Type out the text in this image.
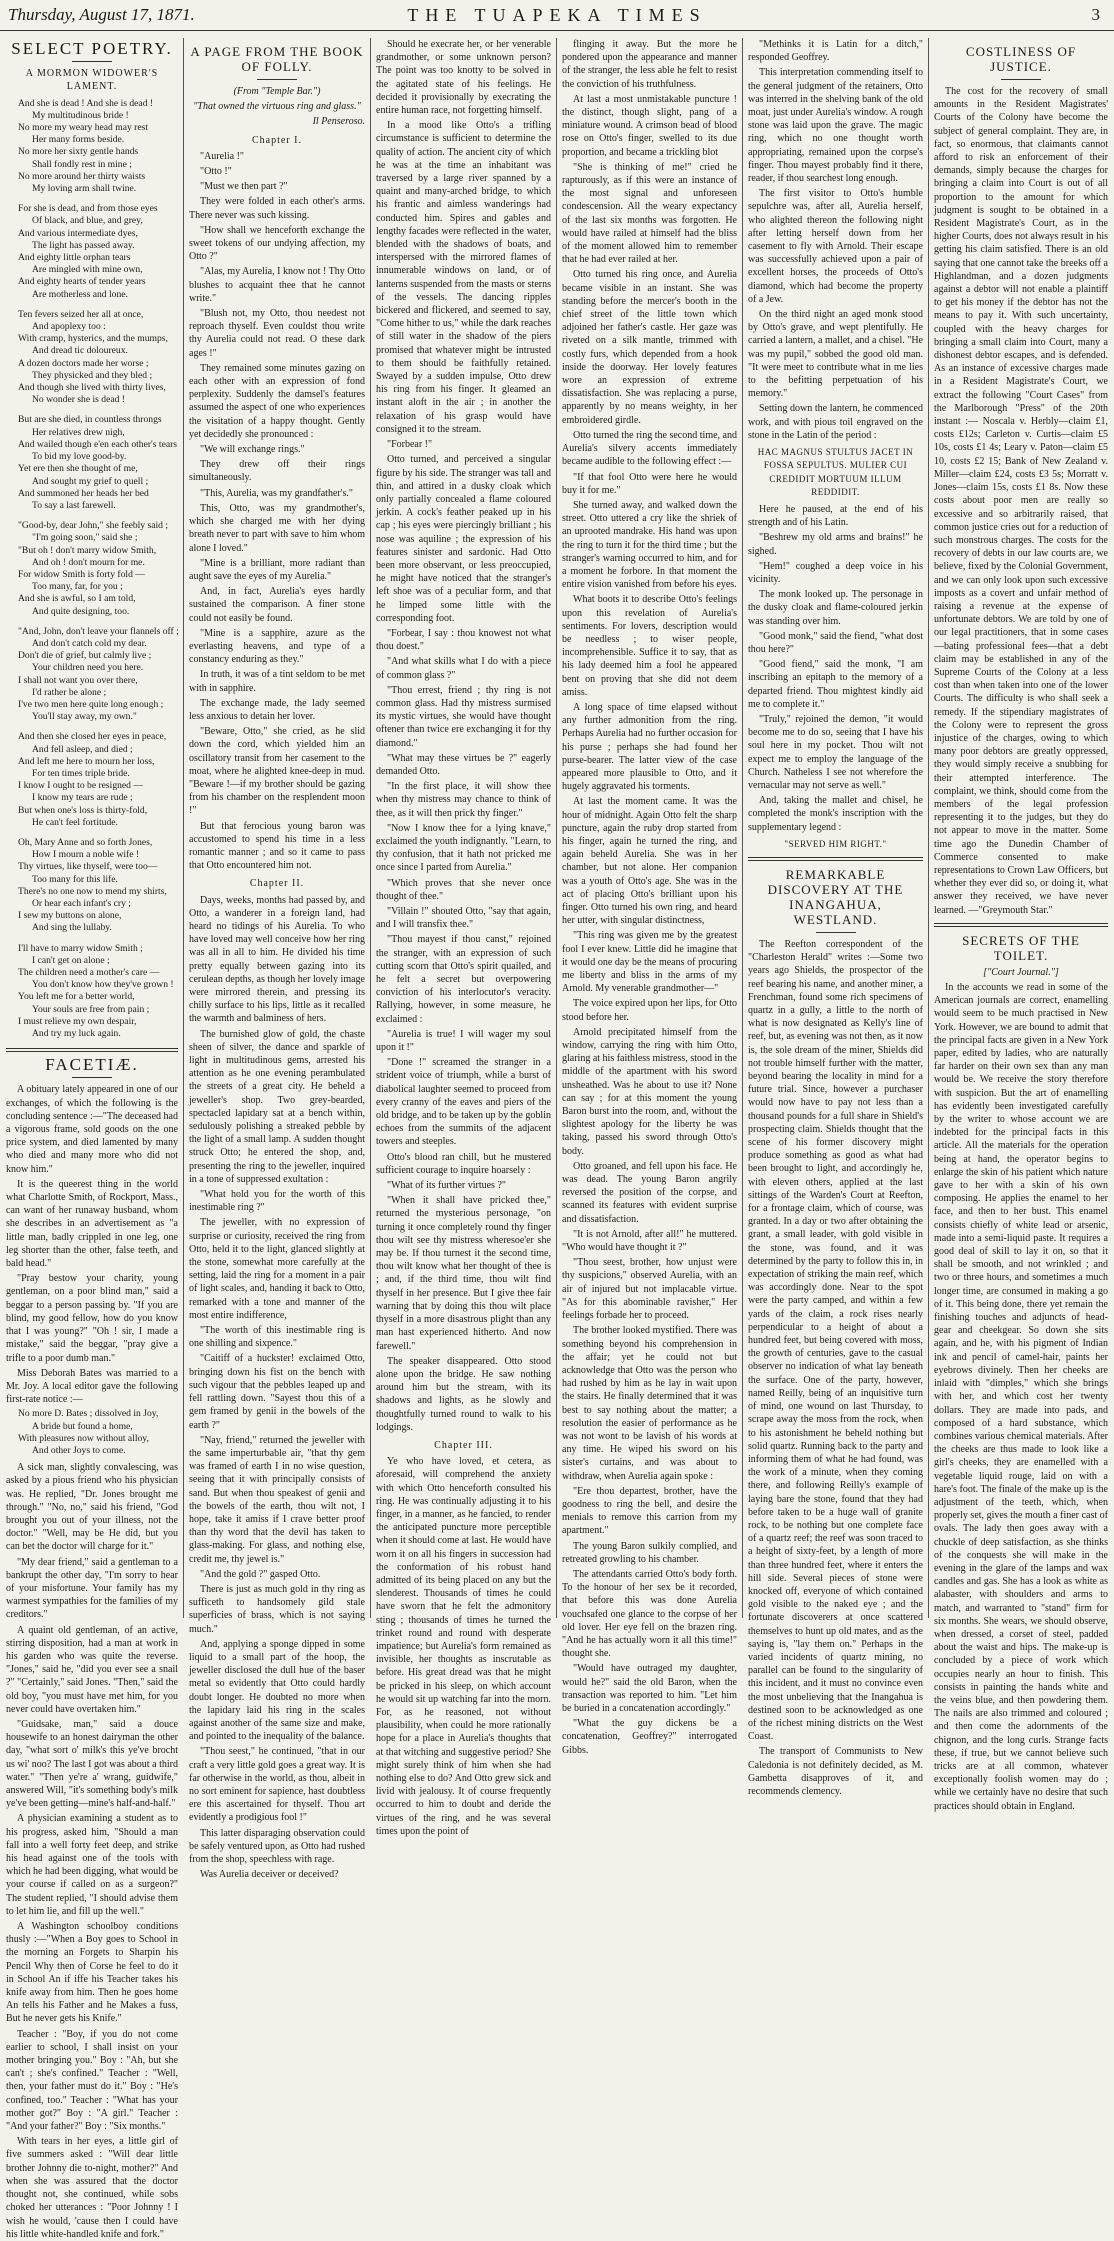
Thursday, August 17, 1871.	THE TUAPEKA TIMES	3
SELECT POETRY.
A MORMON WIDOWER'S LAMENT.
And she is dead ! And she is dead !
My multitudinous bride !
No more my weary head may rest
Her many forms beside.
No more her sixty gentle hands
Shall fondly rest in mine ;
No more around her thirty waists
My loving arm shall twine.
For she is dead, and from those eyes
Of black, and blue, and grey,
And various intermediate dyes,
The light has passed away.
And eighty little orphan tears
Are mingled with mine own,
And eighty hearts of tender years
Are motherless and lone.
Ten fevers seized her all at once,
And apoplexy too :
With cramp, hysterics, and the mumps,
And dread tic doloureux.
A dozen doctors made her worse ;
They physicked and they bled ;
And though she lived with thirty lives,
No wonder she is dead !
But are she died, in countless throngs
Her relatives drew nigh,
And wailed though e'en each other's tears
To bid my love good-by.
Yet ere then she thought of me,
And sought my grief to quell ;
And summoned her heads her bed
To say a last farewell.
"Good-by, dear John," she feebly said ;
"I'm going soon," said she ;
"But oh ! don't marry widow Smith,
And oh ! don't mourn for me.
For widow Smith is forty fold —
Too many, far, for you ;
And she is awful, so I am told,
And quite designing, too.
"And, John, don't leave your flannels off ;
And don't catch cold my dear.
Don't die of grief, but calmly live ;
Your children need you here.
I shall not want you over there,
I'd rather be alone ;
I've two men here quite long enough ;
You'll stay away, my own."
And then she closed her eyes in peace,
And fell asleep, and died ;
And left me here to mourn her loss,
For ten times triple bride.
I know I ought to be resigned —
I know my tears are rude ;
But when one's loss is thirty-fold,
He can't feel fortitude.
Oh, Mary Anne and so forth Jones,
How I mourn a noble wife !
Thy virtues, like thyself, were too—
Too many for this life.
There's no one now to mend my shirts,
Or hear each infant's cry ;
I sew my buttons on alone,
And sing the lullaby.
I'll have to marry widow Smith ;
I can't get on alone ;
The children need a mother's care —
You don't know how they've grown !
You left me for a better world,
Your souls are free from pain ;
I must relieve my own despair,
And try my luck again.
FACETIÆ.

A obituary lately appeared in one of our exchanges, of which the following is the concluding sentence :—"The deceased had a vigorous frame, sold goods on the one price system, and died lamented by many who died and many more who did not know him."

It is the queerest thing in the world what Charlotte Smith, of Rockport, Mass., can want of her runaway husband, whom she describes in an advertisement as "a little man, badly crippled in one leg, one leg shorter than the other, false teeth, and bald head."

"Pray bestow your charity, young gentleman, on a poor blind man," said a beggar to a person passing by. "If you are blind, my good fellow, how do you know that I was young?" "Oh ! sir, I made a mistake," said the beggar, "pray give a trifle to a poor dumb man."

Miss Deborah Bates was married to a Mr. Joy. A local editor gave the following first-rate notice :—

No more D. Bates ; dissolved in Joy,
A bride but found a home,
With pleasures now without alloy,
And other Joys to come.

A sick man, slightly convalescing, was asked by a pious friend who his physician was. He replied, "Dr. Jones brought me through." "No, no," said his friend, "God brought you out of your illness, not the doctor." "Well, may be He did, but you can bet the doctor will charge for it."

"My dear friend," said a gentleman to a bankrupt the other day, "I'm sorry to hear of your misfortune. Your family has my warmest sympathies for the families of my creditors."

A quaint old gentleman, of an active, stirring disposition, had a man at work in his garden who was quite the reverse. "Jones," said he, "did you ever see a snail ?" "Certainly," said Jones. "Then," said the old boy, "you must have met him, for you never could have overtaken him."

"Guidsake, man," said a douce housewife to an honest dairyman the other day, "what sort o' milk's this ye've brocht us wi' noo? The last I got was about a third water." "Then ye're a' wrang, guidwife," answered Will, "it's something body's milk ye've been getting—mine's half-and-half."

A physician examining a student as to his progress, asked him, "Should a man fall into a well forty feet deep, and strike his head against one of the tools with which he had been digging, what would be your course if called on as a surgeon?" The student replied, "I should advise them to let him lie, and fill up the well."

A Washington schoolboy conditions thusly :—"When a Boy goes to School in the morning an Forgets to Sharpin his Pencil Why then of Corse he feel to do it in School An if iffe his Teacher takes his knife away from him. Then he goes home An tells his Father and he Makes a fuss, But he never gets his Knife."

Teacher : "Boy, if you do not come earlier to school, I shall insist on your mother bringing you." Boy : "Ah, but she can't ; she's confined." Teacher : "Well, then, your father must do it." Boy : "He's confined, too." Teacher : "What has your mother got?" Boy : "A girl." Teacher : "And your father?" Boy : "Six months."

With tears in her eyes, a little girl of five summers asked : "Will dear little brother Johnny die to-night, mother?" And when she was assured that the doctor thought not, she continued, while sobs choked her utterances : "Poor Johnny ! I wish he would, 'cause then I could have his little white-handled knife and fork."

A PAGE FROM THE BOOK OF FOLLY.
(From "Temple Bar.")
"That owned the virtuous ring and glass."
Il Penseroso.
Chapter I.

"Aurelia !"

"Otto !"

"Must we then part ?"

They were folded in each other's arms. There never was such kissing.

"How shall we henceforth exchange the sweet tokens of our undying affection, my Otto ?"

"Alas, my Aurelia, I know not ! Thy Otto blushes to acquaint thee that he cannot write."

"Blush not, my Otto, thou needest not reproach thyself. Even couldst thou write thy Aurelia could not read. O these dark ages !"

They remained some minutes gazing on each other with an expression of fond perplexity. Suddenly the damsel's features assumed the aspect of one who experiences the visitation of a happy thought. Gently yet decidedly she pronounced :

"We will exchange rings."

They drew off their rings simultaneously.

"This, Aurelia, was my grandfather's."

This, Otto, was my grandmother's, which she charged me with her dying breath never to part with save to him whom alone I loved."

"Mine is a brilliant, more radiant than aught save the eyes of my Aurelia."

And, in fact, Aurelia's eyes hardly sustained the comparison. A finer stone could not easily be found.

"Mine is a sapphire, azure as the everlasting heavens, and type of a constancy enduring as they."

In truth, it was of a tint seldom to be met with in sapphire.

The exchange made, the lady seemed less anxious to detain her lover.

"Beware, Otto," she cried, as he slid down the cord, which yielded him an oscillatory transit from her casement to the moat, where he alighted knee-deep in mud. "Beware !—if my brother should be gazing from his chamber on the resplendent moon !"

But that ferocious young baron was accustomed to spend his time in a less romantic manner ; and so it came to pass that Otto encountered him not.

Chapter II.

Days, weeks, months had passed by, and Otto, a wanderer in a foreign land, had heard no tidings of his Aurelia. To who have loved may well conceive how her ring was all in all to him. He divided his time pretty equally between gazing into its cerulean depths, as though her lovely image were mirrored therein, and pressing its chilly surface to his lips, little as it recalled the warmth and balminess of hers.

The burnished glow of gold, the chaste sheen of silver, the dance and sparkle of light in multitudinous gems, arrested his attention as he one evening perambulated the streets of a great city. He beheld a jeweller's shop. Two grey-bearded, spectacled lapidary sat at a bench within, sedulously polishing a streaked pebble by the light of a small lamp. A sudden thought struck Otto; he entered the shop, and, presenting the ring to the jeweller, inquired in a tone of suppressed exultation :

"What hold you for the worth of this inestimable ring ?"

The jeweller, with no expression of surprise or curiosity, received the ring from Otto, held it to the light, glanced slightly at the stone, somewhat more carefully at the setting, laid the ring for a moment in a pair of light scales, and, handing it back to Otto, remarked with a tone and manner of the most entire indifference,

"The worth of this inestimable ring is one shilling and sixpence."

"Caitiff of a huckster! exclaimed Otto, bringing down his fist on the bench with such vigour that the pebbles leaped up and fell rattling down. "Sayest thou this of a gem framed by genii in the bowels of the earth ?"

"Nay, friend," returned the jeweller with the same imperturbable air, "that thy gem was framed of earth I in no wise question, seeing that it with principally consists of sand. But when thou speakest of genii and the bowels of the earth, thou wilt not, I hope, take it amiss if I crave better proof than thy word that the devil has taken to glass-making. For glass, and nothing else, credit me, thy jewel is."

"And the gold ?" gasped Otto.

There is just as much gold in thy ring as sufficeth to handsomely gild stale superficies of brass, which is not saying much."

And, applying a sponge dipped in some liquid to a small part of the hoop, the jeweller disclosed the dull hue of the baser metal so evidently that Otto could hardly doubt longer. He doubted no more when the lapidary laid his ring in the scales against another of the same size and make, and pointed to the inequality of the balance.

"Thou seest," he continued, "that in our craft a very little gold goes a great way. It is far otherwise in the world, as thou, albeit in no sort eminent for sapience, hast doubtless ere this ascertained for thyself. Thou art evidently a prodigious fool !"

This latter disparaging observation could be safely ventured upon, as Otto had rushed from the shop, speechless with rage.

Was Aurelia deceiver or deceived?

Should he execrate her, or her venerable grandmother, or some unknown person? The point was too knotty to be solved in the agitated state of his feelings. He decided it provisionally by execrating the entire human race, not forgetting himself.

In a mood like Otto's a trifling circumstance is sufficient to determine the quality of action. The ancient city of which he was at the time an inhabitant was traversed by a large river spanned by a quaint and many-arched bridge, to which his frantic and aimless wanderings had conducted him. Spires and gables and lengthy facades were reflected in the water, blended with the shadows of boats, and interspersed with the mirrored flames of innumerable windows on land, or of lanterns suspended from the masts or sterns of the vessels. The dancing ripples bickered and flickered, and seemed to say, "Come hither to us," while the dark reaches of still water in the shadow of the piers promised that whatever might be intrusted to them should be faithfully retained. Swayed by a sudden impulse, Otto drew his ring from his finger. It gleamed an instant aloft in the air ; in another the relaxation of his grasp would have consigned it to the stream.

"Forbear !"

Otto turned, and perceived a singular figure by his side. The stranger was tall and thin, and attired in a dusky cloak which only partially concealed a flame coloured jerkin. A cock's feather peaked up in his cap ; his eyes were piercingly brilliant ; his nose was aquiline ; the expression of his features sinister and sardonic. Had Otto been more observant, or less preoccupied, he might have noticed that the stranger's left shoe was of a peculiar form, and that he limped some little with the corresponding foot.

"Forbear, I say : thou knowest not what thou doest."

"And what skills what I do with a piece of common glass ?"

"Thou errest, friend ; thy ring is not common glass. Had thy mistress surmised its mystic virtues, she would have thought oftener than twice ere exchanging it for thy diamond."

"What may these virtues be ?" eagerly demanded Otto.

"In the first place, it will show thee when thy mistress may chance to think of thee, as it will then prick thy finger."

"Now I know thee for a lying knave," exclaimed the youth indignantly. "Learn, to thy confusion, that it hath not pricked me once since I parted from Aurelia."

"Which proves that she never once thought of thee."

"Villain !" shouted Otto, "say that again, and I will transfix thee."

"Thou mayest if thou canst," rejoined the stranger, with an expression of such cutting scorn that Otto's spirit quailed, and he felt a secret but overpowering conviction of his interlocutor's veracity. Rallying, however, in some measure, he exclaimed :

"Aurelia is true! I will wager my soul upon it !"

"Done !" screamed the stranger in a strident voice of triumph, while a burst of diabolical laughter seemed to proceed from every cranny of the eaves and piers of the old bridge, and to be taken up by the goblin echoes from the summits of the adjacent towers and steeples.

Otto's blood ran chill, but he mustered sufficient courage to inquire hoarsely :

"What of its further virtues ?"

"When it shall have pricked thee," returned the mysterious personage, "on turning it once completely round thy finger thou wilt see thy mistress wheresoe'er she may be. If thou turnest it the second time, thou wilt know what her thought of thee is ; and, if the third time, thou wilt find thyself in her presence. But I give thee fair warning that by doing this thou wilt place thyself in a more disastrous plight than any man hast experienced hitherto. And now farewell."

The speaker disappeared. Otto stood alone upon the bridge. He saw nothing around him but the stream, with its shadows and lights, as he slowly and thoughtfully turned round to walk to his lodgings.

Chapter III.

Ye who have loved, et cetera, as aforesaid, will comprehend the anxiety with which Otto henceforth consulted his ring. He was continually adjusting it to his finger, in a manner, as he fancied, to render the anticipated puncture more perceptible when it should come at last. He would have worn it on all his fingers in succession had the conformation of his robust hand admitted of its being placed on any but the slenderest. Thousands of times he could have sworn that he felt the admonitory sting ; thousands of times he turned the trinket round and round with desperate impatience; but Aurelia's form remained as invisible, her thoughts as inscrutable as before. His great dread was that he might be pricked in his sleep, on which account he would sit up watching far into the morn. For, as he reasoned, not without plausibility, when could he more rationally hope for a place in Aurelia's thoughts that at that witching and suggestive period? She might surely think of him when she had nothing else to do? And Otto grew sick and livid with jealousy. It of course frequently occurred to him to doubt and deride the virtues of the ring, and he was several times upon the point of

flinging it away. But the more he pondered upon the appearance and manner of the stranger, the less able he felt to resist the conviction of his truthfulness.

At last a most unmistakable puncture ! the distinct, though slight, pang of a miniature wound. A crimson bead of blood rose on Otto's finger, swelled to its due proportion, and became a trickling blot

"She is thinking of me!" cried he rapturously, as if this were an instance of the most signal and unforeseen condescension. All the weary expectancy of the last six months was forgotten. He would have railed at himself had the bliss of the moment allowed him to remember that he had ever railed at her.

Otto turned his ring once, and Aurelia became visible in an instant. She was standing before the mercer's booth in the chief street of the little town which adjoined her father's castle. Her gaze was riveted on a silk mantle, trimmed with costly furs, which depended from a hook inside the doorway. Her lovely features wore an expression of extreme dissatisfaction. She was replacing a purse, apparently by no means weighty, in her embroidered girdle.

Otto turned the ring the second time, and Aurelia's silvery accents immediately became audible to the following effect :—

"If that fool Otto were here he would buy it for me."

She turned away, and walked down the street. Otto uttered a cry like the shriek of an uprooted mandrake. His hand was upon the ring to turn it for the third time ; but the stranger's warning occurred to him, and for a moment he forbore. In that moment the entire vision vanished from before his eyes.

What boots it to describe Otto's feelings upon this revelation of Aurelia's sentiments. For lovers, description would be needless ; to wiser people, incomprehensible. Suffice it to say, that as his lady deemed him a fool he appeared bent on proving that she did not deem amiss.

A long space of time elapsed without any further admonition from the ring. Perhaps Aurelia had no further occasion for his purse ; perhaps she had found her purse-bearer. The latter view of the case appeared more plausible to Otto, and it hugely aggravated his torments.

At last the moment came. It was the hour of midnight. Again Otto felt the sharp puncture, again the ruby drop started from his finger, again he turned the ring, and again beheld Aurelia. She was in her chamber, but not alone. Her companion was a youth of Otto's age. She was in the act of placing Otto's brilliant upon his finger. Otto turned his own ring, and heard her utter, with singular distinctness,

"This ring was given me by the greatest fool I ever knew. Little did he imagine that it would one day be the means of procuring me liberty and bliss in the arms of my Arnold. My venerable grandmother—"

The voice expired upon her lips, for Otto stood before her.

Arnold precipitated himself from the window, carrying the ring with him Otto, glaring at his faithless mistress, stood in the middle of the apartment with his sword unsheathed. Was he about to use it? None can say ; for at this moment the young Baron burst into the room, and, without the slightest apology for the liberty he was taking, passed his sword through Otto's body.

Otto groaned, and fell upon his face. He was dead. The young Baron angrily reversed the position of the corpse, and scanned its features with evident surprise and dissatisfaction.

"It is not Arnold, after all!" he muttered. "Who would have thought it ?"

"Thou seest, brother, how unjust were thy suspicions," observed Aurelia, with an air of injured but not implacable virtue. "As for this abominable ravisher," Her feelings forbade her to proceed.

The brother looked mystified. There was something beyond his comprehension in the affair; yet he could not but acknowledge that Otto was the person who had rushed by him as he lay in wait upon the stairs. He finally determined that it was best to say nothing about the matter; a resolution the easier of performance as he was not wont to be lavish of his words at any time. He wiped his sword on his sister's curtains, and was about to withdraw, when Aurelia again spoke :

"Ere thou departest, brother, have the goodness to ring the bell, and desire the menials to remove this carrion from my apartment."

The young Baron sulkily complied, and retreated growling to his chamber.

The attendants carried Otto's body forth. To the honour of her sex be it recorded, that before this was done Aurelia vouchsafed one glance to the corpse of her old lover. Her eye fell on the brazen ring. "And he has actually worn it all this time!" thought she.

"Would have outraged my daughter, would he?" said the old Baron, when the transaction was reported to him. "Let him be buried in a concatenation accordingly."

"What the guy dickens be a concatenation, Geoffrey?" interrogated Gibbs.

"Methinks it is Latin for a ditch," responded Geoffrey.

This interpretation commending itself to the general judgment of the retainers, Otto was interred in the shelving bank of the old moat, just under Aurelia's window. A rough stone was laid upon the grave. The magic ring, which no one thought worth appropriating, remained upon the corpse's finger. Thou mayest probably find it there, reader, if thou searchest long enough.

The first visitor to Otto's humble sepulchre was, after all, Aurelia herself, who alighted thereon the following night after letting herself down from her casement to fly with Arnold. Their escape was successfully achieved upon a pair of excellent horses, the proceeds of Otto's diamond, which had become the property of a Jew.

On the third night an aged monk stood by Otto's grave, and wept plentifully. He carried a lantern, a mallet, and a chisel. "He was my pupil," sobbed the good old man. "It were meet to contribute what in me lies to the befitting perpetuation of his memory."

Setting down the lantern, he commenced work, and with pious toil engraved on the stone in the Latin of the period :

HAC MAGNUS STULTUS JACET IN FOSSA SEPULTUS. MULIER CUI CREDIDIT MORTUUM ILLUM REDDIDIT.

Here he paused, at the end of his strength and of his Latin.

"Beshrew my old arms and brains!" he sighed.

"Hem!" coughed a deep voice in his vicinity.

The monk looked up. The personage in the dusky cloak and flame-coloured jerkin was standing over him.

"Good monk," said the fiend, "what dost thou here?"

"Good fiend," said the monk, "I am inscribing an epitaph to the memory of a departed friend. Thou mightest kindly aid me to complete it."

"Truly," rejoined the demon, "it would become me to do so, seeing that I have his soul here in my pocket. Thou wilt not expect me to employ the language of the Church. Natheless I see not wherefore the vernacular may not serve as well."

And, taking the mallet and chisel, he completed the monk's inscription with the supplementary legend :

"SERVED HIM RIGHT."
REMARKABLE DISCOVERY AT THE INANGAHUA, WESTLAND.

The Reefton correspondent of the "Charleston Herald" writes :—Some two years ago Shields, the prospector of the reef bearing his name, and another miner, a Frenchman, found some rich specimens of quartz in a gully, a little to the north of what is now designated as Kelly's line of reef, but, as evening was not then, as it now is, the sole dream of the miner, Shields did not trouble himself further with the matter, beyond bearing the locality in mind for a future trial. Since, however a purchaser would now have to pay not less than a thousand pounds for a full share in Shield's prospecting claim. Shields thought that the scene of his former discovery might produce something as good as what had been brought to light, and accordingly he, with eleven others, applied at the last sittings of the Warden's Court at Reefton, for a frontage claim, which of course, was granted. In a day or two after obtaining the grant, a small leader, with gold visible in the stone, was found, and it was determined by the party to follow this in, in expectation of striking the main reef, which was accordingly done. Near to the spot were the party camped, and within a few yards of the claim, a rock rises nearly perpendicular to a height of about a hundred feet, but being covered with moss, the growth of centuries, gave to the casual observer no indication of what lay beneath the surface. One of the party, however, named Reilly, being of an inquisitive turn of mind, one wound on last Thursday, to scrape away the moss from the rock, when to his astonishment he beheld nothing but solid quartz. Running back to the party and informing them of what he had found, was the work of a minute, when they coming there, and following Reilly's example of laying bare the stone, found that they had before taken to be a huge wall of granite rock, to be nothing but one complete face of a quartz reef; the reef was soon traced to a height of sixty-feet, by a length of more than three hundred feet, where it enters the hill side. Several pieces of stone were knocked off, everyone of which contained gold visible to the naked eye ; and the fortunate discoverers at once scattered themselves to hunt up old mates, and as the saying is, "lay them on." Perhaps in the varied incidents of quartz mining, no parallel can be found to the singularity of this incident, and it must no convince even the most unbelieving that the Inangahua is destined soon to be acknowledged as one of the richest mining districts on the West Coast.

The transport of Communists to New Caledonia is not definitely decided, as M. Gambetta disapproves of it, and recommends clemency.

COSTLINESS OF JUSTICE.

The cost for the recovery of small amounts in the Resident Magistrates' Courts of the Colony have become the subject of general complaint. They are, in fact, so enormous, that claimants cannot afford to risk an enforcement of their demands, simply because the charges for bringing a claim into Court is out of all proportion to the amount for which judgment is sought to be obtained in a Resident Magistrate's Court, as in the higher Courts, does not always result in his getting his claim satisfied. There is an old saying that one cannot take the breeks off a Highlandman, and a dozen judgments against a debtor will not enable a plaintiff to get his money if the debtor has not the means to pay it. With such uncertainty, coupled with the heavy charges for bringing a small claim into Court, many a dishonest debtor escapes, and is defended. As an instance of excessive charges made in a Resident Magistrate's Court, we extract the following "Court Cases" from the Marlborough "Press" of the 20th instant :— Noscala v. Herbly—claim £1, costs £12s; Carleton v. Curtis—claim £5 10s, costs £1 4s; Leary v. Paton—claim £5 10, costs £2 15; Bank of New Zealand v. Miller—claim £24, costs £3 5s; Morratt v. Jones—claim 15s, costs £1 8s. Now these costs about poor men are really so excessive and so arbitrarily raised, that common justice cries out for a reduction of such monstrous charges. The costs for the recovery of debts in our law courts are, we believe, fixed by the Colonial Government, and we can only look upon such excessive imposts as a covert and unfair method of raising a revenue at the expense of unfortunate debtors. We are told by one of our legal practitioners, that in some cases—bating professional fees—that a debt claim may be established in any of the Supreme Courts of the Colony at a less cost than when taken into one of the lower Courts. The difficulty is who shall seek a remedy. If the stipendiary magistrates of the Colony were to represent the gross injustice of the charges, owing to which many poor debtors are greatly oppressed, they would simply receive a snubbing for their attempted interference. The complaint, we think, should come from the members of the legal profession representing it to the judges, but they do not appear to move in the matter. Some time ago the Dunedin Chamber of Commerce consented to make representations to Crown Law Officers, but whether they ever did so, or doing it, what answer they received, we have never learned. —"Greymouth Star."

SECRETS OF THE TOILET.
["Court Journal."]

In the accounts we read in some of the American journals are correct, enamelling would seem to be much practised in New York. However, we are bound to admit that the principal facts are given in a New York paper, edited by ladies, who are naturally far harder on their own sex than any man would be. We receive the story therefore with suspicion. But the art of enamelling has evidently been investigated carefully by the writer to whose account we are indebted for the principal facts in this article. All the materials for the operation being at hand, the operator begins to enlarge the skin of his patient which nature gave to her with a skin of his own composing. He applies the enamel to her face, and then to her bust. This enamel consists chiefly of white lead or arsenic, made into a semi-liquid paste. It requires a good deal of skill to lay it on, so that it shall be smooth, and not wrinkled ; and two or three hours, and sometimes a much longer time, are consumed in making a go of it. This being done, there yet remain the finishing touches and adjuncts of head-gear and cheekgear. So down she sits again, and he, with his pigment of Indian ink and pencil of camel-hair, paints her eyebrows divinely. Then her cheeks are inlaid with "dimples," which she brings with her, and which cost her twenty dollars. They are made into pads, and composed of a hard substance, which combines various chemical materials. After the cheeks are thus made to look like a girl's cheeks, they are enamelled with a vegetable liquid rouge, laid on with a hare's foot. The finale of the make up is the adjustment of the teeth, which, when properly set, gives the mouth a finer cast of ovals. The lady then goes away with a chuckle of deep satisfaction, as she thinks of the conquests she will make in the evening in the glare of the lamps and wax candles and gas. She has a look as white as alabaster, with shoulders and arms to match, and warranted to "stand" firm for six months. She wears, we should observe, when dressed, a corset of steel, padded about the waist and hips. The make-up is concluded by a piece of work which occupies nearly an hour to finish. This consists in painting the hands white and the veins blue, and then powdering them. The nails are also trimmed and coloured ; and then come the adornments of the chignon, and the long curls. Strange facts these, if true, but we cannot believe such tricks are at all common, whatever exceptionally foolish women may do ; while we certainly have no desire that such practices should obtain in England.
